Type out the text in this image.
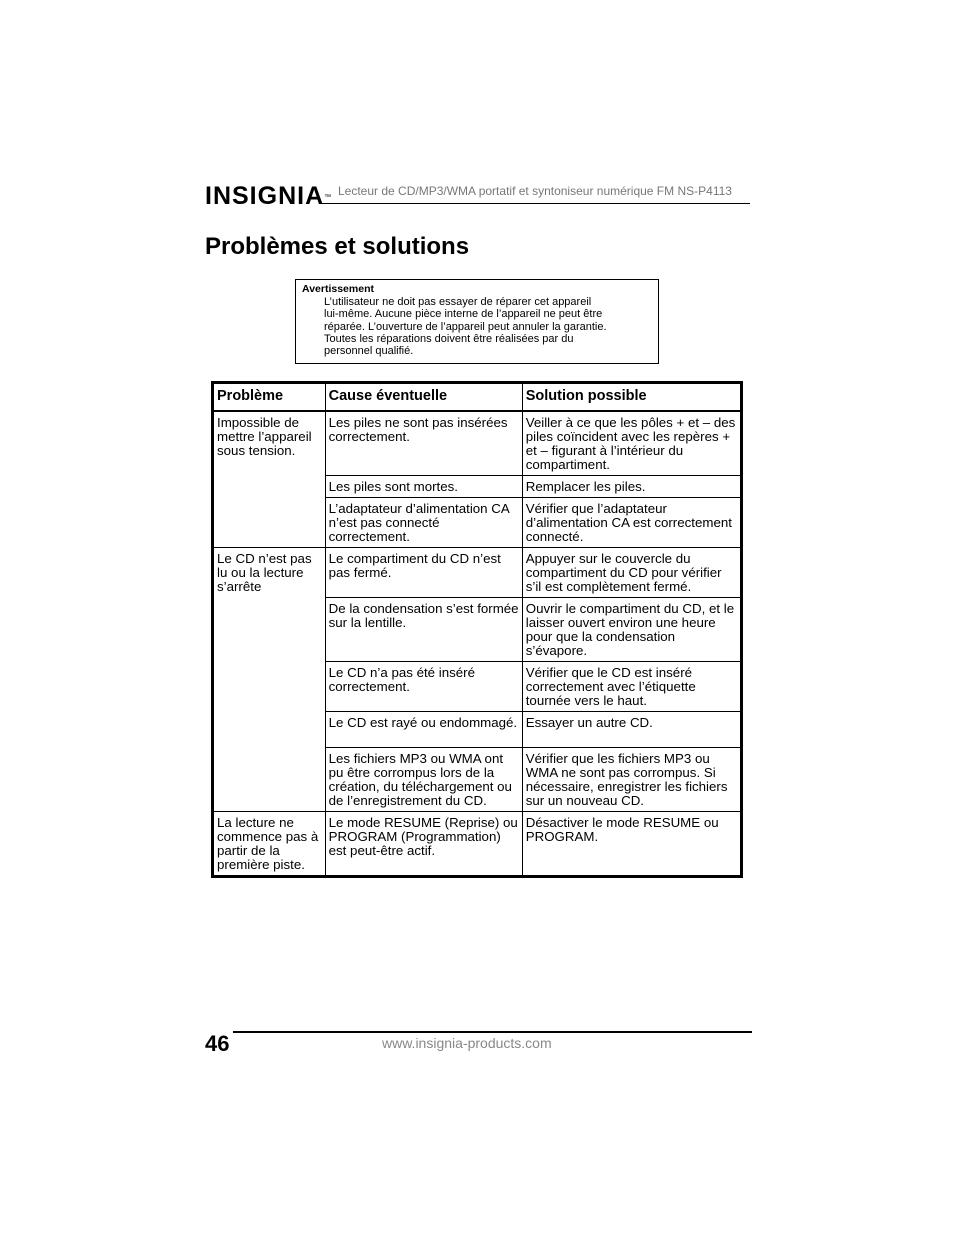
INSIGNIA™ Lecteur de CD/MP3/WMA portatif et syntoniseur numérique FM NS-P4113
Problèmes et solutions
Avertissement
L’utilisateur ne doit pas essayer de réparer cet appareil
lui-même. Aucune pièce interne de l’appareil ne peut être
réparée. L’ouverture de l’appareil peut annuler la garantie.
Toutes les réparations doivent être réalisées par du
personnel qualifié.
Problème	Cause éventuelle	Solution possible
Impossible de mettre l’appareil sous tension.	Les piles ne sont pas insérées correctement.	Veiller à ce que les pôles + et – des piles coïncident avec les repères + et – figurant à l’intérieur du compartiment.
	Les piles sont mortes.	Remplacer les piles.
	L’adaptateur d’alimentation CA n’est pas connecté correctement.	Vérifier que l’adaptateur d’alimentation CA est correctement connecté.
Le CD n’est pas lu ou la lecture s’arrête	Le compartiment du CD n’est pas fermé.	Appuyer sur le couvercle du compartiment du CD pour vérifier s’il est complètement fermé.
	De la condensation s’est formée sur la lentille.	Ouvrir le compartiment du CD, et le laisser ouvert environ une heure pour que la condensation s’évapore.
	Le CD n’a pas été inséré correctement.	Vérifier que le CD est inséré correctement avec l’étiquette tournée vers le haut.
	Le CD est rayé ou endommagé.	Essayer un autre CD.
	Les fichiers MP3 ou WMA ont pu être corrompus lors de la création, du téléchargement ou de l’enregistrement du CD.	Vérifier que les fichiers MP3 ou WMA ne sont pas corrompus. Si nécessaire, enregistrer les fichiers sur un nouveau CD.
La lecture ne commence pas à partir de la première piste.	Le mode RESUME (Reprise) ou PROGRAM (Programmation) est peut-être actif.	Désactiver le mode RESUME ou PROGRAM.
46	www.insignia-products.com
